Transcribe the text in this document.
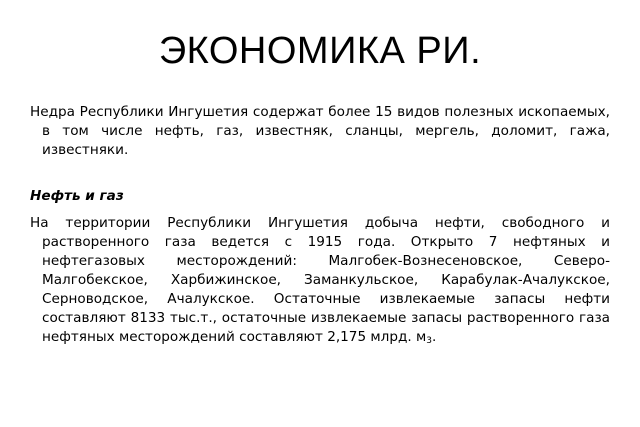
ЭКОНОМИКА РИ.

Недра Республики Ингушетия содержат более 15 видов полезных ископаемых, в том числе нефть, газ, известняк, сланцы, мергель, доломит, гажа, известняки.

Нефть и газ

На территории Республики Ингушетия добыча нефти, свободного и растворенного газа ведется с 1915 года. Открыто 7 нефтяных и нефтегазовых месторождений: Малгобек-Вознесеновское, Северо-Малгобекское, Харбижинское, Заманкульское, Карабулак-Ачалукское, Серноводское, Ачалукское. Остаточные извлекаемые запасы нефти составляют 8133 тыс.т., остаточные извлекаемые запасы растворенного газа нефтяных месторождений составляют 2,175 млрд. $м_3$.
